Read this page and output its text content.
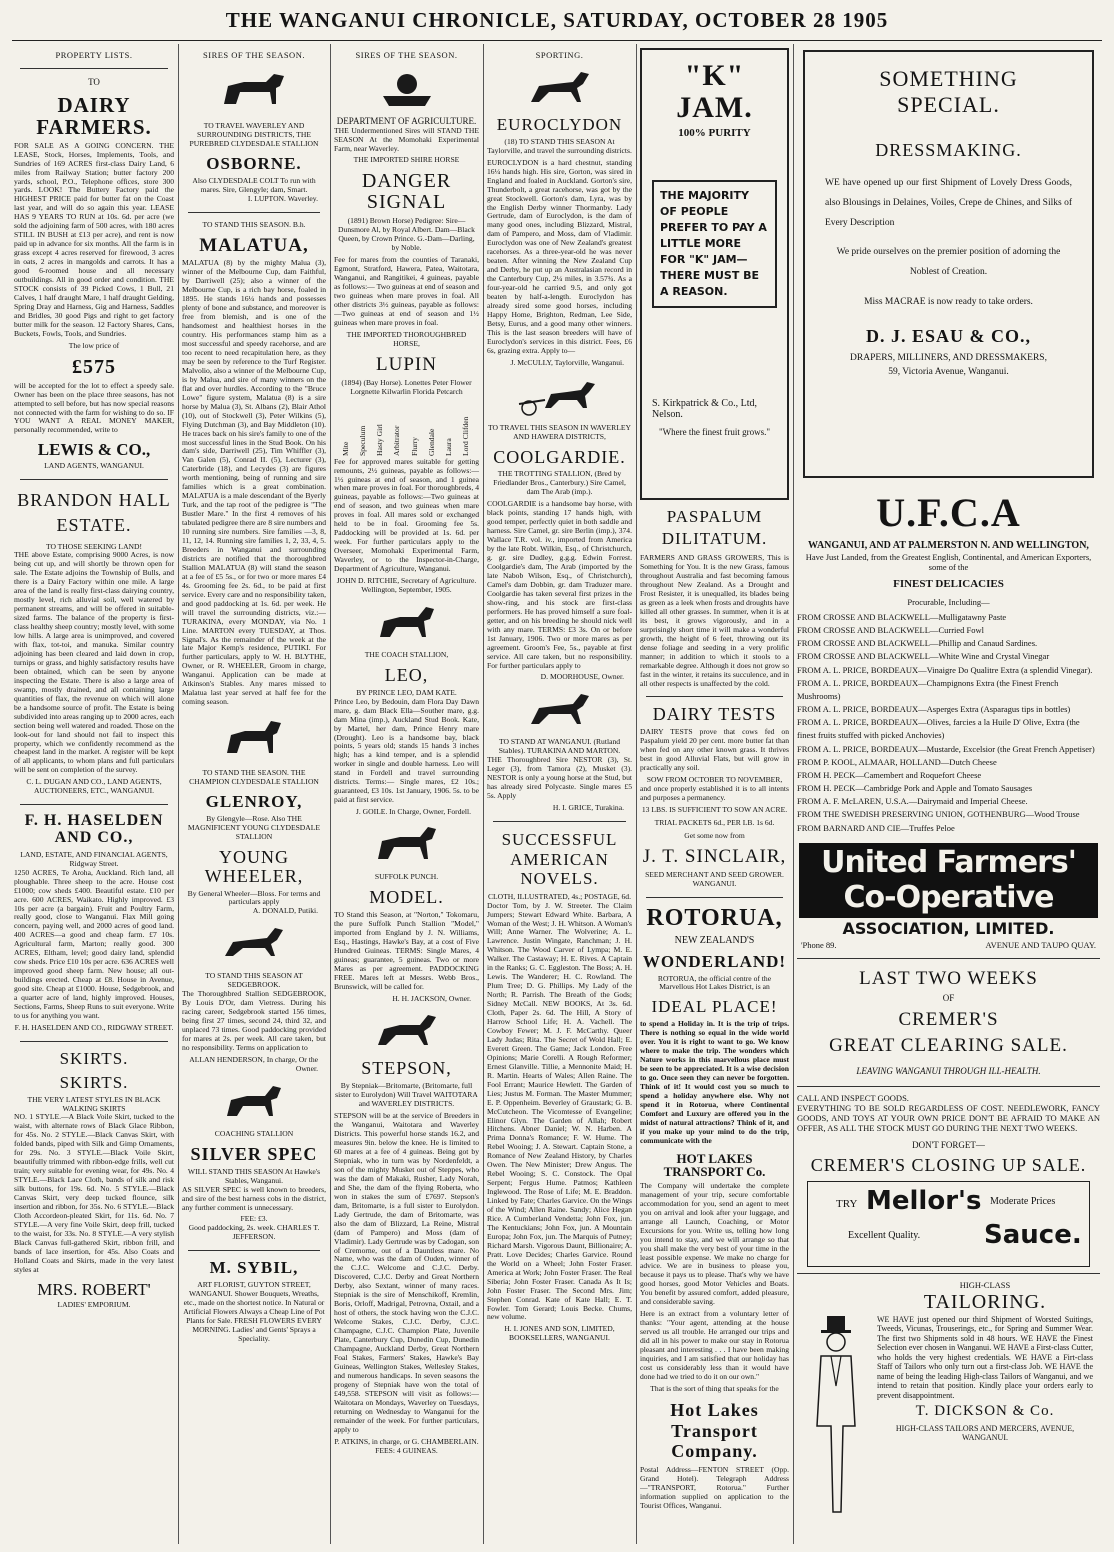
THE WANGANUI CHRONICLE, SATURDAY, OCTOBER 28 1905
PROPERTY LISTS.
TO
DAIRY FARMERS.

FOR SALE AS A GOING CONCERN. THE LEASE, Stock, Horses, Implements, Tools, and Sundries of 169 ACRES first-class Dairy Land, 6 miles from Railway Station; butter factory 200 yards, school, P.O., Telephone offices, store 300 yards. LOOK! The Buttery Factory paid the HIGHEST PRICE paid for butter fat on the Coast last year, and will do so again this year. LEASE HAS 9 YEARS TO RUN at 10s. 6d. per acre (we sold the adjoining farm of 500 acres, with 180 acres STILL IN BUSH at £13 per acre), and rent is now paid up in advance for six months. All the farm is in grass except 4 acres reserved for firewood, 3 acres in oats, 2 acres in mangolds and carrots. It has a good 6-roomed house and all necessary outbuildings. All in good order and condition. THE STOCK consists of 39 Picked Cows, 1 Bull, 21 Calves, 1 half draught Mare, 1 half draught Gelding, Spring Dray and Harness, Gig and Harness, Saddles and Bridles, 30 good Pigs and right to get factory butter milk for the season. 12 Factory Shares, Cans, Buckets, Fowls, Tools, and Sundries.

The low price of
£575

will be accepted for the lot to effect a speedy sale. Owner has been on the place three seasons, has not attempted to sell before, but has now special reasons not connected with the farm for wishing to do so. IF YOU WANT A REAL MONEY MAKER, personally recommended, write to

LEWIS & CO.,
LAND AGENTS, WANGANUI.
BRANDON HALL ESTATE.
TO THOSE SEEKING LAND!

THE above Estate, comprising 9000 Acres, is now being cut up, and will shortly be thrown open for sale. The Estate adjoins the Township of Bulls, and there is a Dairy Factory within one mile. A large area of the land is really first-class dairying country, mostly level, rich alluvial soil, well watered by permanent streams, and will be offered in suitable-sized farms. The balance of the property is first-class healthy sheep country; mostly level, with some low hills. A large area is unimproved, and covered with flax, tot-toi, and manuka. Similar country adjoining has been cleared and laid down in crop, turnips or grass, and highly satisfactory results have been obtained, which can be seen by anyone inspecting the Estate. There is also a large area of swamp, mostly drained, and all containing large quantities of flax, the revenue on which will alone be a handsome source of profit. The Estate is being subdivided into areas ranging up to 2000 acres, each section being well watered and roaded. Those on the look-out for land should not fail to inspect this property, which we confidently recommend as the cheapest land in the market. A register will be kept of all applicants, to whom plans and full particulars will be sent on completion of the survey.

C. L. DUGAN AND CO., LAND AGENTS, AUCTIONEERS, ETC., WANGANUI.
F. H. HASELDEN AND CO.,
LAND, ESTATE, AND FINANCIAL AGENTS, Ridgway Street.

1250 ACRES, Te Aroha, Auckland. Rich land, all ploughable. Three sheep to the acre. House cost £1000; cow sheds £400. Beautiful estate. £10 per acre. 600 ACRES, Waikato. Highly improved. £3 10s per acre (a bargain). Fruit and Poultry Farm, really good, close to Wanganui. Flax Mill going concern, paying well, and 2000 acres of good land. 400 ACRES—a good and cheap farm. £7 10s. Agricultural farm, Marton; really good. 300 ACRES, Eltham, level; good dairy land, splendid cow sheds. Price £10 10s per acre. 636 ACRES well improved good sheep farm. New house; all out-buildings erected. Cheap at £8. House in Avenue, good site. Cheap at £1000. House, Sedgebrook, and a quarter acre of land, highly improved. Houses, Sections, Farms, Sheep Runs to suit everyone. Write to us for anything you want.

F. H. HASELDEN AND CO., RIDGWAY STREET.
SKIRTS.
SKIRTS.
THE VERY LATEST STYLES IN BLACK WALKING SKIRTS

NO. 1 STYLE.—A Black Voile Skirt, tucked to the waist, with alternate rows of Black Glace Ribbon, for 45s. No. 2 STYLE.—Black Canvas Skirt, with folded bands, piped with Silk and Gimp Ornaments, for 29s. No. 3 STYLE.—Black Voile Skirt, beautifully trimmed with ribbon-edge frills, well cut train; very suitable for evening wear, for 49s. No. 4 STYLE.—Black Lace Cloth, bands of silk and risk silk buttons, for 19s. 6d. No. 5 STYLE.—Black Canvas Skirt, very deep tucked flounce, silk insertion and ribbon, for 35s. No. 6 STYLE.—Black Cloth Accordeon-pleated Skirt, for 11s. 6d. No. 7 STYLE.—A very fine Voile Skirt, deep frill, tucked to the waist, for 33s. No. 8 STYLE.—A very stylish Black Canvas full-gathered Skirt, ribbon frill, and bands of lace insertion, for 45s. Also Coats and Holland Coats and Skirts, made in the very latest styles at

MRS. ROBERT'
LADIES' EMPORIUM.
SIRES OF THE SEASON.
TO TRAVEL WAVERLEY AND SURROUNDING DISTRICTS, THE PUREBRED CLYDESDALE STALLION
OSBORNE.
Also CLYDESDALE COLT To run with mares. Sire, Glengyle; dam, Smart.
I. LUPTON. Waverley.
TO STAND THIS SEASON. B.h.
MALATUA,

MALATUA (8) by the mighty Malua (3), winner of the Melbourne Cup, dam Faithful, by Darriwell (25); also a winner of the Melbourne Cup, is a rich bay horse, foaled in 1895. He stands 16¼ hands and possesses plenty of bone and substance, and moreover is free from blemish, and is one of the handsomest and healthiest horses in the country. His performances stamp him as a most successful and speedy racehorse, and are too recent to need recapitulation here, as they may be seen by reference to the Turf Register. Malvolio, also a winner of the Melbourne Cup, is by Malua, and sire of many winners on the flat and over hurdles. According to the "Bruce Lowe" figure system, Malatua (8) is a sire horse by Malua (3), St. Albans (2), Blair Athol (10), out of Stockwell (3), Peter Wilkins (5), Flying Dutchman (3), and Bay Middleton (10). He traces back on his sire's family to one of the most successful lines in the Stud Book. On his dam's side, Darriwell (25), Tim Whiffler (3), Van Galen (5), Conrad II. (5), Lecturer (3), Caterbride (18), and Lecydes (3) are figures worth mentioning, being of running and sire families which is a great combination. MALATUA is a male descendant of the Byerly Turk, and the tap root of the pedigree is "The Bustler Mare." In the first 4 removes of his tabulated pedigree there are 8 sire numbers and 10 running sire numbers. Sire families —3, 8, 11, 12, 14. Running sire families 1, 2, 33, 4, 5. Breeders in Wanganui and surrounding districts are notified that the thoroughbred Stallion MALATUA (8) will stand the season at a fee of £5 5s., or for two or more mares £4 4s. Grooming fee 2s. 6d., to be paid at first service. Every care and no responsibility taken, and good paddocking at 1s. 6d. per week. He will travel the surrounding districts, viz.:— TURAKINA, every MONDAY, via No. 1 Line. MARTON every TUESDAY, at Thos. Signal's. As the remainder of the week at the late Major Kemp's residence, PUTIKI. For further particulars, apply to W. H. BLYTHE, Owner, or R. WHEELER, Groom in charge, Wanganui. Application can be made at Atkinson's Stables. Any mares missed to Malatua last year served at half fee for the coming season.

TO STAND THE SEASON. THE CHAMPION CLYDESDALE STALLION
GLENROY,
By Glengyle—Rose. Also THE MAGNIFICENT YOUNG CLYDESDALE STALLION
YOUNG WHEELER,
By General Wheeler—Bloss. For terms and particulars apply
A. DONALD, Putiki.
TO STAND THIS SEASON AT SEDGEBROOK.

The Thoroughbred Stallion SEDGEBROOK, By Louis D'Or, dam Vietress. During his racing career, Sedgebrook started 156 times, being first 27 times, second 24, third 32, and unplaced 73 times. Good paddocking provided for mares at 2s. per week. All care taken, but no responsibility. Terms on application to

ALLAN HENDERSON, In charge, Or the Owner.
COACHING STALLION
SILVER SPEC
WILL STAND THIS SEASON At Hawke's Stables, Wanganui.

AS SILVER SPEC is well known to breeders, and sire of the best harness cobs in the district, any further comment is unnecessary.

FEE: £3.
Good paddocking, 2s. week. CHARLES T. JEFFERSON.
M. SYBIL,

ART FLORIST, GUYTON STREET, WANGANUI. Shower Bouquets, Wreaths, etc., made on the shortest notice. In Natural or Artificial Flowers Always a Cheap Line of Pot Plants for Sale. FRESH FLOWERS EVERY MORNING. Ladies' and Gents' Sprays a Speciality.

SIRES OF THE SEASON.
DEPARTMENT OF AGRICULTURE.

THE Undermentioned Sires will STAND THE SEASON At the Momohaki Experimental Farm, near Waverley.

THE IMPORTED SHIRE HORSE
DANGER SIGNAL

(1891) Brown Horse) Pedigree: Sire—Dunsmore Al, by Royal Albert. Dam—Black Queen, by Crown Prince. G.-Dam—Darling, by Noble.

Fee for mares from the counties of Taranaki, Egmont, Stratford, Hawera, Patea, Waitotara, Wanganui, and Rangitikei, 4 guineas, payable as follows:— Two guineas at end of season and two guineas when mare proves in foal. All other districts 3½ guineas, payable as follows:—Two guineas at end of season and 1½ guineas when mare proves in foal.

THE IMPORTED THOROUGHBRED HORSE,
LUPIN

(1894) (Bay Horse). Lonettes Peter Flower Lorgnette Kilwarlin Florida Petcarch

Mite Speculum Hasty Girl Arbitrator Flurry Glendale Laura Lord Clifden

Fee for approved mares suitable for getting remounts, 2½ guineas, payable as follows:—1½ guineas at end of season, and 1 guinea when mare proves in foal. For thoroughbreds, 4 guineas, payable as follows:—Two guineas at end of season, and two guineas when mare proves in foal. All mares sold or exchanged held to be in foal. Grooming fee 5s. Paddocking will be provided at 1s. 6d. per week. For further particulars apply to the Overseer, Momohaki Experimental Farm, Waverley, or to the Inspector-in-Charge, Department of Agriculture, Wanganui.

JOHN D. RITCHIE, Secretary of Agriculture. Wellington, September, 1905.
THE COACH STALLION,
LEO,
BY PRINCE LEO, DAM KATE.

Prince Leo, by Bedouin, dam Flora Day Dawn mare, g. dam Black Ella—Souther mare, g.g. dam Mina (imp.), Auckland Stud Book. Kate, by Martel, her dam, Prince Henry mare (Drought). Leo is a handsome bay, black points, 5 years old; stands 15 hands 3 inches high; has a kind temper, and is a splendid worker in single and double harness. Leo will stand in Fordell and travel surrounding districts. Terms:— Single mares, £2 10s.; guaranteed, £3 10s. 1st January, 1906. 5s. to be paid at first service.

J. GOILE. In Charge, Owner, Fordell.
SUFFOLK PUNCH.
MODEL.

TO Stand this Season, at "Norton," Tokomaru, the pure Suffolk Punch Stallion "Model," imported from England by J. N. Williams, Esq., Hastings, Hawke's Bay, at a cost of Five Hundred Guineas. TERMS: Single Mares, 4 guineas; guarantee, 5 guineas. Two or more Mares as per agreement. PADDOCKING FREE. Mares left at Messrs. Webb Bros., Brunswick, will be called for.

H. H. JACKSON, Owner.
STEPSON,

By Stepniak—Britomarte, (Britomarte, full sister to Eurolydon) Will Travel WAITOTARA and WAVERLEY DISTRICTS.

STEPSON will be at the service of Breeders in the Wanganui, Waitotara and Waverley Districts. This powerful horse stands 16.2, and measures 9in. below the knee. He is limited to 60 mares at a fee of 4 guineas. Being got by Stepniak, who in turn was by Nordenfeldt, a son of the mighty Musket out of Steppes, who was the dam of Makaki, Rusher, Lady Norah, and She, the dam of the flying Roberta, who won in stakes the sum of £7697. Stepson's dam, Britomarte, is a full sister to Eurolydon. Lady Gertrude, the dam of Britomarte, was also the dam of Blizzard, La Reine, Mistral (dam of Pampero) and Moss (dam of Vladimir). Lady Gertrude was by Cadogan, son of Cremorne, out of a Dauntless mare. No Name, who was the dam of Ouden, winner of the C.J.C. Welcome and C.J.C. Derby. Discovered, C.J.C. Derby and Great Northern Derby, also Sextant, winner of many races. Stepniak is the sire of Menschikoff, Kremlin, Boris, Orloff, Madrigal, Petrovna, Oxtail, and a host of others, the stock having won the C.J.C. Welcome Stakes, C.J.C. Derby, C.J.C. Champagne, C.J.C. Champion Plate, Juvenile Plate, Canterbury Cup, Dunedin Cup, Dunedin Champagne, Auckland Derby, Great Northern Foal Stakes, Farmers' Stakes, Hawke's Bay Guineas, Wellington Stakes, Wellesley Stakes, and numerous handicaps. In seven seasons the progeny of Stepniak have won the total of £49,558. STEPSON will visit as follows:— Waitotara on Mondays, Waverley on Tuesdays, returning on Wednesday to Wanganui for the remainder of the week. For further particulars, apply to

P. ATKINS, in charge, or G. CHAMBERLAIN. FEES: 4 GUINEAS.
SPORTING.
EUROCLYDON

(18) TO STAND THIS SEASON At Taylorville, and travel the surrounding districts.

EUROCLYDON is a hard chestnut, standing 16¼ hands high. His sire, Gorton, was sired in England and foaled in Auckland. Gorton's sire, Thunderbolt, a great racehorse, was got by the great Stockwell. Gorton's dam, Lyra, was by the English Derby winner Thormanby. Lady Gertrude, dam of Euroclydon, is the dam of many good ones, including Blizzard, Mistral, dam of Pampero, and Moss, dam of Vladimir. Euroclydon was one of New Zealand's greatest racehorses. As a three-year-old he was never beaten. After winning the New Zealand Cup and Derby, he put up an Australasian record in the Canterbury Cup, 2¼ miles, in 3.57¾. As a four-year-old he carried 9.5, and only got beaten by half-a-length. Euroclydon has already sired some good horses, including Happy Home, Brighton, Redman, Lee Side, Betsy, Eurus, and a good many other winners. This is the last season breeders will have of Euroclydon's services in this district. Fees, £6 6s, grazing extra. Apply to—

J. McCULLY, Taylorville, Wanganui.
TO TRAVEL THIS SEASON IN WAVERLEY AND HAWERA DISTRICTS,
COOLGARDIE.

THE TROTTING STALLION, (Bred by Friedlander Bros., Canterbury.) Sire Camel, dam The Arab (imp.).

COOLGARDIE is a handsome bay horse, with black points, standing 17 hands high, with good temper, perfectly quiet in both saddle and harness. Sire Camel, gr. sire Berlin (imp.), 374. Wallace T.R. vol. iv., imported from America by the late Robt. Wilkin, Esq., of Christchurch, g. gr. sire Dudley, g.g.g. Edwin Forrest. Coolgardie's dam, The Arab (imported by the late Nabob Wilson, Esq., of Christchurch), Camel's dam Dobbin, gr. dam Traduzer mare. Coolgardie has taken several first prizes in the show-ring, and his stock are first-class performers. He has proved himself a sure foal-getter, and on his breeding he should nick well with any mare. TERMS: £3 3s. On or before 1st January, 1906. Two or more mares as per agreement. Groom's Fee, 5s., payable at first service. All care taken, but no responsibility. For further particulars apply to

D. MOORHOUSE, Owner.
TO STAND AT WANGANUI. (Rutland Stables). TURAKINA AND MARTON.

THE Thoroughbred Sire NESTOR (3), St. Leger (3), from Tamora (2), Musket (3). NESTOR is only a young horse at the Stud, but has already sired Polycaste. Single mares £5 5s. Apply

H. I. GRICE, Turakina.
SUCCESSFUL AMERICAN NOVELS.
CLOTH, ILLUSTRATED, 4s.; POSTAGE, 6d.

Doctor Tom, by J. W. Streeter. The Claim Jumpers; Stewart Edward White. Barbara, A Woman of the West; J. H. Whitson. A Woman's Will; Anne Warner. The Wolverine; A. L. Lawrence. Justin Wingate, Ranchman; J. H. Whitson. The Wood Carver of Lympa; M. E. Walker. The Castaway; H. E. Rives. A Captain in the Ranks; G. C. Eggleston. The Boss; A. H. Lewis. The Wanderer; H. C. Rowland. The Plum Tree; D. G. Phillips. My Lady of the North; R. Parrish. The Breath of the Gods; Sidney McCall. NEW BOOKS, At 3s. 6d. Cloth, Paper 2s. 6d. The Hill, A Story of Harrow School Life; H. A. Vachell. The Cowboy Fewer; M. J. F. McCarthy. Queer Lady Judas; Rita. The Secret of Wold Hall; E. Everett Green. The Game; Jack London. Free Opinions; Marie Corelli. A Rough Reformer; Ernest Glanville. Tillie, a Mennonite Maid; H. R. Martin. Hearts of Wales; Allen Raine. The Fool Errant; Maurice Hewlett. The Garden of Lies; Justus M. Forman. The Master Mummer; E. P. Oppenheim. Beverley of Graustark; G. B. McCutcheon. The Vicomtesse of Evangeline; Elinor Glyn. The Garden of Allah; Robert Hitchens. Abner Daniel; W. N. Harben. A Prima Donna's Romance; F. W. Hume. The Rebel Wooing; J. A. Stewart. Captain Stone, a Romance of New Zealand History, by Charles Owen. The New Minister; Drew Angus. The Rebel Wooing; S. C. Constock. The Opal Serpent; Fergus Hume. Patmos; Kathleen Inglewood. The Rose of Life; M. E. Braddon. Linked by Fate; Charles Garvice. On the Wings of the Wind; Allen Raine. Sandy; Alice Hegan Rice. A Cumberland Vendetta; John Fox, jun. The Kentuckians; John Fox, jun. A Mountain Europa; John Fox, jun. The Marquis of Putney; Richard Marsh. Vigorous Daunt, Billionaire; A. Pratt. Love Decides; Charles Garvice. Round the World on a Wheel; John Foster Fraser. America at Work; John Foster Fraser. The Real Siberia; John Foster Fraser. Canada As It Is; John Foster Fraser. The Second Mrs. Jim; Stephen Conrad. Kate of Kate Hall; E. T. Fowler. Tom Gerard; Louis Becke. Chums, new volume.

H. I. JONES AND SON, LIMITED, BOOKSELLERS, WANGANUI.
"K" JAM.
100% PURITY
THE MAJORITY OF PEOPLE PREFER TO PAY A LITTLE MORE FOR "K" JAM—THERE MUST BE A REASON.
S. Kirkpatrick & Co., Ltd, Nelson.
"Where the finest fruit grows."
PASPALUM DILITATUM.

FARMERS AND GRASS GROWERS, This is Something for You. It is the new Grass, famous throughout Australia and fast becoming famous throughout New Zealand. As a Drought and Frost Resister, it is unequalled, its blades being as green as a leek when frosts and droughts have killed all other grasses. In summer, when it is at its best, it grows vigorously, and in a surprisingly short time it will make a wonderful growth, the height of 6 feet, throwing out its dense foliage and seeding in a very prolific manner; in addition to which it stools to a remarkable degree. Although it does not grow so fast in the winter, it retains its succulence, and in all other respects is unaffected by the cold.

DAIRY TESTS

DAIRY TESTS prove that cows fed on Paspalum yield 20 per cent. more butter fat than when fed on any other known grass. It thrives best in good Alluvial Flats, but will grow in practically any soil.

SOW FROM OCTOBER TO NOVEMBER,

and once properly established it is to all intents and purposes a permanency.

13 LBS. IS SUFFICIENT TO SOW AN ACRE.
TRIAL PACKETS 6d., PER LB. 1s 6d.
Get some now from
J. T. SINCLAIR,
SEED MERCHANT AND SEED GROWER. WANGANUI.
ROTORUA,
NEW ZEALAND'S
WONDERLAND!

ROTORUA, the official centre of the Marvellous Hot Lakes District, is an

IDEAL PLACE!

to spend a Holiday in. It is the trip of trips. There is nothing so equal in the wide world over. You it is right to want to go. We know where to make the trip. The wonders which Nature works in this marvellous place must be seen to be appreciated. It is a wise decision to go. Once seen they can never be forgotten. Think of it! It would cost you so much to spend a holiday anywhere else. Why not spend it in Rotorua, where Continental Comfort and Luxury are offered you in the midst of natural attractions? Think of it, and if you make up your mind to do the trip, communicate with the

HOT LAKES TRANSPORT Co.

The Company will undertake the complete management of your trip, secure comfortable accommodation for you, send an agent to meet you on arrival and look after your luggage, and arrange all Launch, Coaching, or Motor Excursions for you. Write us, telling how long you intend to stay, and we will arrange so that you shall make the very best of your time in the least possible expense. We make no charge for advice. We are in business to please you, because it pays us to please. That's why we have good horses, good Motor Vehicles and Boats. You benefit by assured comfort, added pleasure, and considerable saving.

Here is an extract from a voluntary letter of thanks: "Your agent, attending at the house served us all trouble. He arranged our trips and did all in his power to make our stay in Rotorua pleasant and interesting . . . I have been making inquiries, and I am satisfied that our holiday has cost us considerably less than it would have done had we tried to do it on our own."

That is the sort of thing that speaks for the
Hot Lakes Transport Company.

Postal Address—FENTON STREET (Opp. Grand Hotel). Telegraph Address—"TRANSPORT, Rotorua." Further information supplied on application to the Tourist Offices, Wanganui.

SOMETHING SPECIAL.
DRESSMAKING.

WE have opened up our first Shipment of Lovely Dress Goods, also Blousings in Delaines, Voiles, Crepe de Chines, and Silks of Every Description

We pride ourselves on the premier position of adorning the Noblest of Creation.

Miss MACRAE is now ready to take orders.

D. J. ESAU & CO.,
DRAPERS, MILLINERS, AND DRESSMAKERS,
59, Victoria Avenue, Wanganui.
U.F.C.A
WANGANUI, AND AT PALMERSTON N. AND WELLINGTON,
Have Just Landed, from the Greatest English, Continental, and American Exporters, some of the
FINEST DELICACIES
Procurable, Including—
FROM CROSSE AND BLACKWELL—Mulligatawny Paste
FROM CROSSE AND BLACKWELL—Curried Fowl
FROM CROSSE AND BLACKWELL—Phillip and Canaud Sardines.
FROM CROSSE AND BLACKWELL—White Wine and Crystal Vinegar
FROM A. L. PRICE, BORDEAUX—Vinaigre Do Qualitre Extra (a splendid Vinegar).
FROM A. L. PRICE, BORDEAUX—Champignons Extra (the Finest French Mushrooms)
FROM A. L. PRICE, BORDEAUX—Asperges Extra (Asparagus tips in bottles)
FROM A. L. PRICE, BORDEAUX—Olives, farcies a la Huile D' Olive, Extra (the finest fruits stuffed with picked Anchovies)
FROM A. L. PRICE, BORDEAUX—Mustarde, Excelsior (the Great French Appetiser)
FROM P. KOOL, ALMAAR, HOLLAND—Dutch Cheese
FROM H. PECK—Camembert and Roquefort Cheese
FROM H. PECK—Cambridge Pork and Apple and Tomato Sausages
FROM A. F. McLAREN, U.S.A.—Dairymaid and Imperial Cheese.
FROM THE SWEDISH PRESERVING UNION, GOTHENBURG—Wood Trouse
FROM BARNARD AND CIE—Truffes Peloe
United Farmers' Co-Operative
ASSOCIATION, LIMITED.
'Phone 89.	AVENUE AND TAUPO QUAY.
LAST TWO WEEKS
OF
CREMER'S
GREAT CLEARING SALE.
LEAVING WANGANUI THROUGH ILL-HEALTH.
CALL AND INSPECT GOODS.

EVERYTHING TO BE SOLD REGARDLESS OF COST. NEEDLEWORK, FANCY GOODS, AND TOYS AT YOUR OWN PRICE DON'T BE AFRAID TO MAKE AN OFFER, AS ALL THE STOCK MUST GO DURING THE NEXT TWO WEEKS.

DON'T FORGET—
CREMER'S CLOSING UP SALE.
TRY Mellor's Moderate Prices
Excellent Quality. Sauce.
HIGH-CLASS
TAILORING.

WE HAVE just opened our third Shipment of Worsted Suitings, Tweeds, Vicunas, Trouserings, etc., for Spring and Summer Wear. The first two Shipments sold in 48 hours. WE HAVE the Finest Selection ever chosen in Wanganui. WE HAVE a First-class Cutter, who holds the very highest credentials. WE HAVE a Firt-class Staff of Tailors who only turn out a first-class Job. WE HAVE the name of being the leading High-class Tailors of Wanganui, and we intend to retain that position. Kindly place your orders early to prevent disappointment.

T. DICKSON & Co.
HIGH-CLASS TAILORS AND MERCERS, AVENUE, WANGANUI.
